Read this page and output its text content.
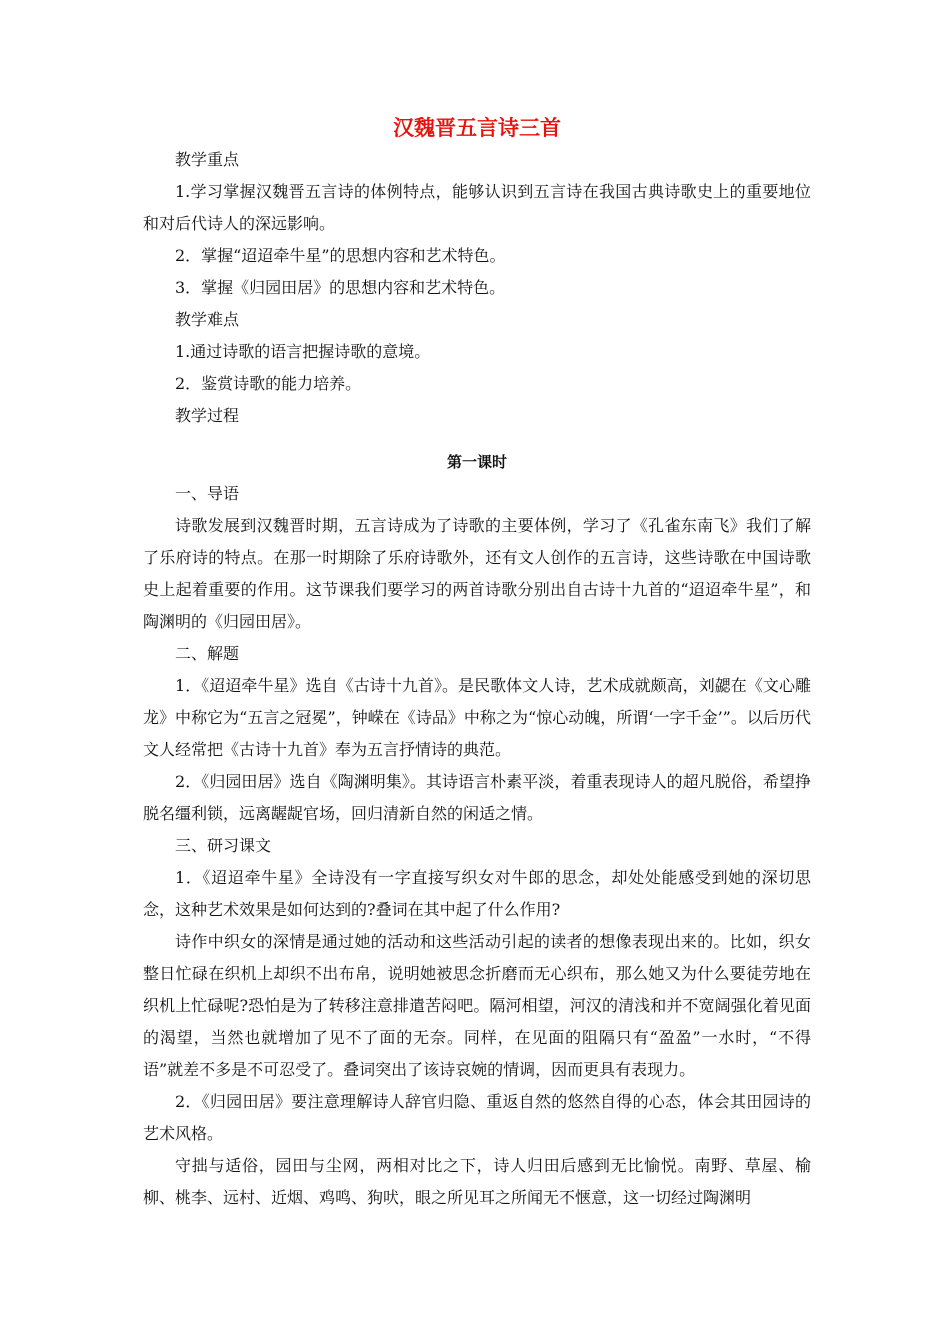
汉魏晋五言诗三首

教学重点

1.学习掌握汉魏晋五言诗的体例特点，能够认识到五言诗在我国古典诗歌史上的重要地位和对后代诗人的深远影响。

2．掌握“迢迢牵牛星”的思想内容和艺术特色。

3．掌握《归园田居》的思想内容和艺术特色。

教学难点

1.通过诗歌的语言把握诗歌的意境。

2．鉴赏诗歌的能力培养。

教学过程

第一课时

一、导语

诗歌发展到汉魏晋时期，五言诗成为了诗歌的主要体例，学习了《孔雀东南飞》我们了解了乐府诗的特点。在那一时期除了乐府诗歌外，还有文人创作的五言诗，这些诗歌在中国诗歌史上起着重要的作用。这节课我们要学习的两首诗歌分别出自古诗十九首的“迢迢牵牛星”，和陶渊明的《归园田居》。

二、解题

1．《迢迢牵牛星》选自《古诗十九首》。是民歌体文人诗，艺术成就颇高，刘勰在《文心雕龙》中称它为“五言之冠冕”，钟嵘在《诗品》中称之为“惊心动魄，所谓‘一字千金’”。以后历代文人经常把《古诗十九首》奉为五言抒情诗的典范。

2．《归园田居》选自《陶渊明集》。其诗语言朴素平淡，着重表现诗人的超凡脱俗，希望挣脱名缰利锁，远离龌龊官场，回归清新自然的闲适之情。

三、研习课文

1．《迢迢牵牛星》全诗没有一字直接写织女对牛郎的思念，却处处能感受到她的深切思念，这种艺术效果是如何达到的?叠词在其中起了什么作用?

诗作中织女的深情是通过她的活动和这些活动引起的读者的想像表现出来的。比如，织女整日忙碌在织机上却织不出布帛，说明她被思念折磨而无心织布，那么她又为什么要徒劳地在织机上忙碌呢?恐怕是为了转移注意排遣苦闷吧。隔河相望，河汉的清浅和并不宽阔强化着见面的渴望，当然也就增加了见不了面的无奈。同样，在见面的阻隔只有“盈盈”一水时，“不得语”就差不多是不可忍受了。叠词突出了该诗哀婉的情调，因而更具有表现力。

2．《归园田居》要注意理解诗人辞官归隐、重返自然的悠然自得的心态，体会其田园诗的艺术风格。

守拙与适俗，园田与尘网，两相对比之下，诗人归田后感到无比愉悦。南野、草屋、榆柳、桃李、远村、近烟、鸡鸣、狗吠，眼之所见耳之所闻无不惬意，这一切经过陶渊明
